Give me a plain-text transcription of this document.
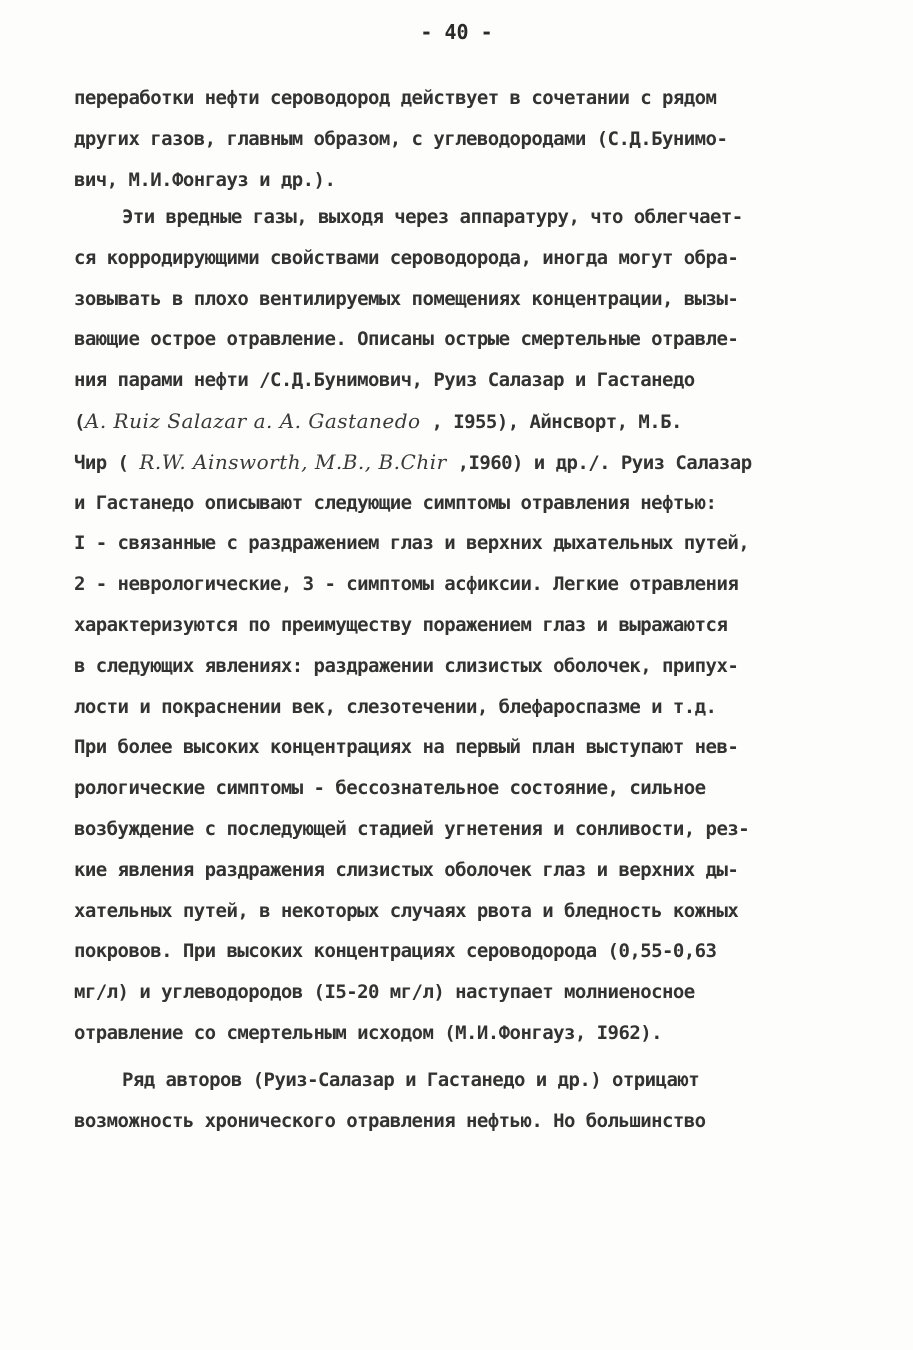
- 40 -
переработки нефти сероводород действует в сочетании с рядом
других газов, главным образом, с углеводородами (С.Д.Бунимо-
вич, М.И.Фонгауз и др.).
Эти вредные газы, выходя через аппаратуру, что облегчает-
ся корродирующими свойствами сероводорода, иногда могут обра-
зовывать в плохо вентилируемых помещениях концентрации, вызы-
вающие острое отравление. Описаны острые смертельные отравле-
ния парами нефти /С.Д.Бунимович, Руиз Салазар и Гастанедо
(A. Ruiz Salazar a. A. Gastanedo , I955), Айнсворт, М.Б.
Чир ( R.W. Ainsworth, M.B., B.Chir ,I960) и др./. Руиз Салазар
и Гастанедо описывают следующие симптомы отравления нефтью:
I - связанные с раздражением глаз и верхних дыхательных путей,
2 - неврологические, 3 - симптомы асфиксии. Легкие отравления
характеризуются по преимуществу поражением глаз и выражаются
в следующих явлениях: раздражении слизистых оболочек, припух-
лости и покраснении век, слезотечении, блефароспазме и т.д.
При более высоких концентрациях на первый план выступают нев-
рологические симптомы - бессознательное состояние, сильное
возбуждение с последующей стадией угнетения и сонливости, рез-
кие явления раздражения слизистых оболочек глаз и верхних ды-
хательных путей, в некоторых случаях рвота и бледность кожных
покровов. При высоких концентрациях сероводорода (0,55-0,63
мг/л) и углеводородов (I5-20 мг/л) наступает молниеносное
отравление со смертельным исходом (М.И.Фонгауз, I962).
Ряд авторов (Руиз-Салазар и Гастанедо и др.) отрицают
возможность хронического отравления нефтью. Но большинство
